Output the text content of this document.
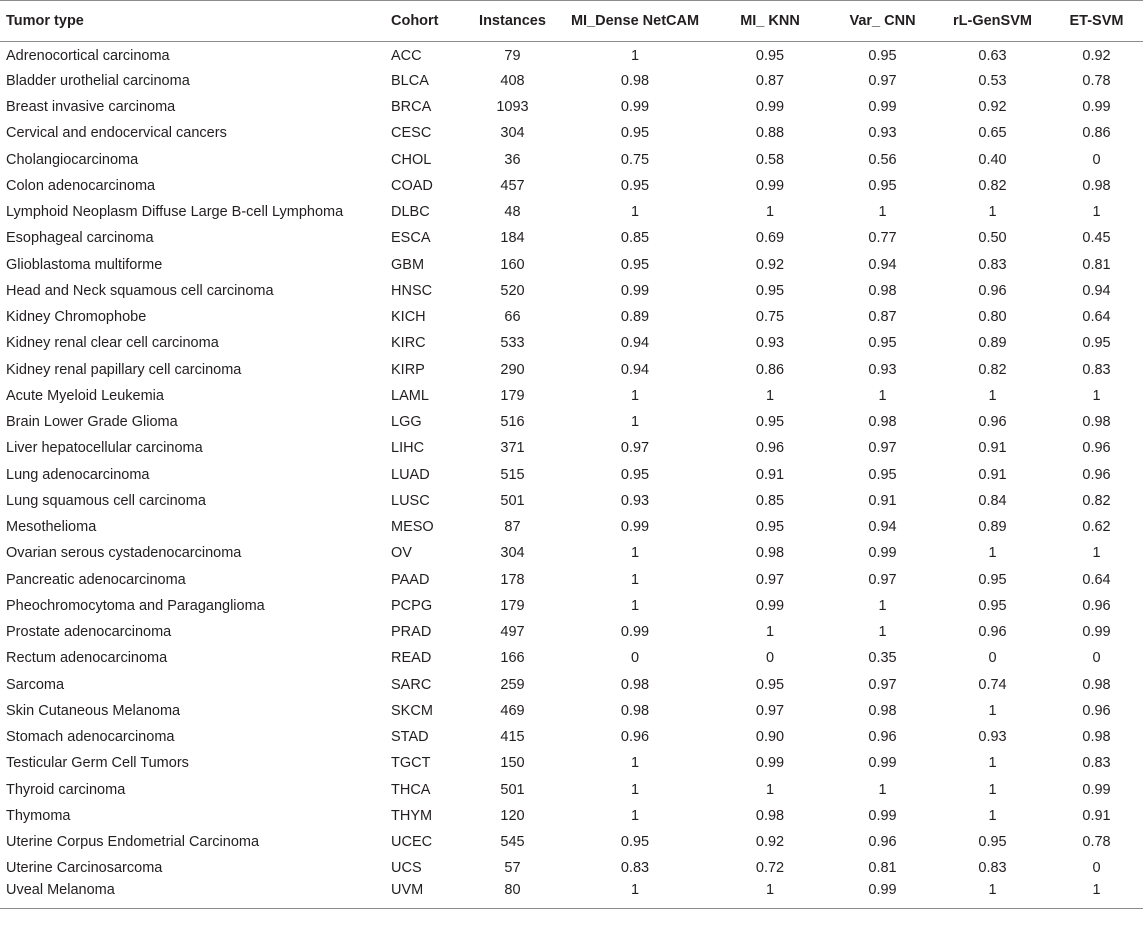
Tumor type	Cohort	Instances	MI_Dense NetCAM	MI_ KNN	Var_ CNN	rL-GenSVM	ET-SVM
Adrenocortical carcinoma	ACC	79	1	0.95	0.95	0.63	0.92
Bladder urothelial carcinoma	BLCA	408	0.98	0.87	0.97	0.53	0.78
Breast invasive carcinoma	BRCA	1093	0.99	0.99	0.99	0.92	0.99
Cervical and endocervical cancers	CESC	304	0.95	0.88	0.93	0.65	0.86
Cholangiocarcinoma	CHOL	36	0.75	0.58	0.56	0.40	0
Colon adenocarcinoma	COAD	457	0.95	0.99	0.95	0.82	0.98
Lymphoid Neoplasm Diffuse Large B-cell Lymphoma	DLBC	48	1	1	1	1	1
Esophageal carcinoma	ESCA	184	0.85	0.69	0.77	0.50	0.45
Glioblastoma multiforme	GBM	160	0.95	0.92	0.94	0.83	0.81
Head and Neck squamous cell carcinoma	HNSC	520	0.99	0.95	0.98	0.96	0.94
Kidney Chromophobe	KICH	66	0.89	0.75	0.87	0.80	0.64
Kidney renal clear cell carcinoma	KIRC	533	0.94	0.93	0.95	0.89	0.95
Kidney renal papillary cell carcinoma	KIRP	290	0.94	0.86	0.93	0.82	0.83
Acute Myeloid Leukemia	LAML	179	1	1	1	1	1
Brain Lower Grade Glioma	LGG	516	1	0.95	0.98	0.96	0.98
Liver hepatocellular carcinoma	LIHC	371	0.97	0.96	0.97	0.91	0.96
Lung adenocarcinoma	LUAD	515	0.95	0.91	0.95	0.91	0.96
Lung squamous cell carcinoma	LUSC	501	0.93	0.85	0.91	0.84	0.82
Mesothelioma	MESO	87	0.99	0.95	0.94	0.89	0.62
Ovarian serous cystadenocarcinoma	OV	304	1	0.98	0.99	1	1
Pancreatic adenocarcinoma	PAAD	178	1	0.97	0.97	0.95	0.64
Pheochromocytoma and Paraganglioma	PCPG	179	1	0.99	1	0.95	0.96
Prostate adenocarcinoma	PRAD	497	0.99	1	1	0.96	0.99
Rectum adenocarcinoma	READ	166	0	0	0.35	0	0
Sarcoma	SARC	259	0.98	0.95	0.97	0.74	0.98
Skin Cutaneous Melanoma	SKCM	469	0.98	0.97	0.98	1	0.96
Stomach adenocarcinoma	STAD	415	0.96	0.90	0.96	0.93	0.98
Testicular Germ Cell Tumors	TGCT	150	1	0.99	0.99	1	0.83
Thyroid carcinoma	THCA	501	1	1	1	1	0.99
Thymoma	THYM	120	1	0.98	0.99	1	0.91
Uterine Corpus Endometrial Carcinoma	UCEC	545	0.95	0.92	0.96	0.95	0.78
Uterine Carcinosarcoma	UCS	57	0.83	0.72	0.81	0.83	0
Uveal Melanoma	UVM	80	1	1	0.99	1	1
